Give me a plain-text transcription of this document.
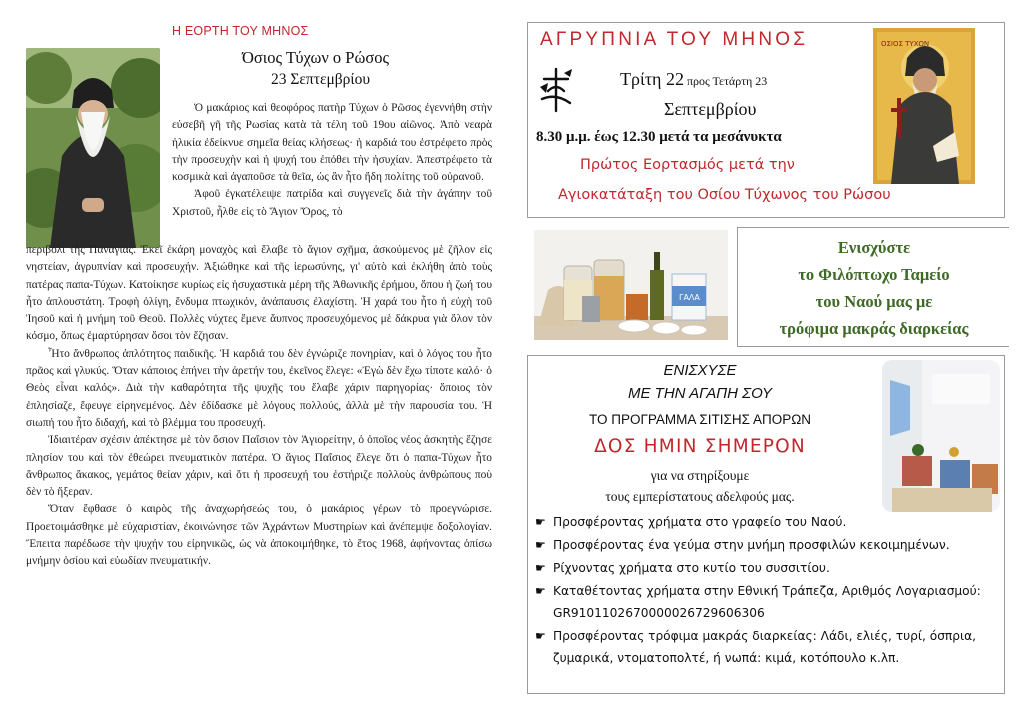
Η ΕΟΡΤΗ ΤΟΥ ΜΗΝΟΣ
Όσιος Τύχων ο Ρώσος
23 Σεπτεμβρίου

Ὁ μακάριος καὶ θεοφόρος πατὴρ Τύχων ὁ Ρῶσος ἐγεννήθη στὴν εὐσεβῆ γῆ τῆς Ρωσίας κατὰ τὰ τέλη τοῦ 19ου αἰῶνος. Ἀπὸ νεαρὰ ἡλικία ἐδείκνυε σημεῖα θείας κλήσεως· ἡ καρδιά του ἐστρέφετο πρὸς τὴν προσευχὴν καὶ ἡ ψυχή του ἐπόθει τὴν ἡσυχίαν. Ἀπεστρέφετο τὰ κοσμικὰ καὶ ἀγαποῦσε τὰ θεῖα, ὡς ἂν ἦτο ἤδη πολίτης τοῦ οὐρανοῦ.

Ἀφοῦ ἐγκατέλειψε πατρίδα καὶ συγγενεῖς διὰ τὴν ἀγάπην τοῦ Χριστοῦ, ἦλθε εἰς τὸ Ἅγιον Ὄρος, τὸ

περιβόλι τῆς Παναγίας. Ἐκεῖ ἐκάρη μοναχὸς καὶ ἔλαβε τὸ ἅγιον σχῆμα, ἀσκούμενος μὲ ζῆλον εἰς νηστείαν, ἀγρυπνίαν καὶ προσευχήν. Ἀξιώθηκε καὶ τῆς ἱερωσύνης, γι' αὐτὸ καὶ ἐκλήθη ἀπὸ τοὺς πατέρας παπα-Τύχων. Κατοίκησε κυρίως εἰς ἡσυχαστικὰ μέρη τῆς Ἀθωνικῆς ἐρήμου, ὅπου ἡ ζωή του ἦτο ἁπλουστάτη. Τροφὴ ὀλίγη, ἔνδυμα πτωχικόν, ἀνάπαυσις ἐλαχίστη. Ἡ χαρά του ἦτο ἡ εὐχὴ τοῦ Ἰησοῦ καὶ ἡ μνήμη τοῦ Θεοῦ. Πολλὲς νύχτες ἔμενε ἄυπνος προσευχόμενος μὲ δάκρυα γιὰ ὅλον τὸν κόσμο, ὅπως ἐμαρτύρησαν ὅσοι τὸν ἔζησαν.

Ἦτο ἄνθρωπος ἁπλότητος παιδικῆς. Ἡ καρδιά του δὲν ἐγνώριζε πονηρίαν, καὶ ὁ λόγος του ἦτο πρᾶος καὶ γλυκύς. Ὅταν κάποιος ἐπήνει τὴν ἀρετήν του, ἐκεῖνος ἔλεγε: «Ἐγὼ δὲν ἔχω τίποτε καλό· ὁ Θεὸς εἶναι καλός». Διὰ τὴν καθαρότητα τῆς ψυχῆς του ἔλαβε χάριν παρηγορίας· ὅποιος τὸν ἐπλησίαζε, ἔφευγε εἰρηνεμένος. Δὲν ἐδίδασκε μὲ λόγους πολλούς, ἀλλὰ μὲ τὴν παρουσία του. Ἡ σιωπή του ἦτο διδαχή, καὶ τὸ βλέμμα του προσευχή.

Ἰδιαιτέραν σχέσιν ἀπέκτησε μὲ τὸν ὅσιον Παΐσιον τὸν Ἁγιορείτην, ὁ ὁποῖος νέος ἀσκητὴς ἔζησε πλησίον του καὶ τὸν ἐθεώρει πνευματικὸν πατέρα. Ὁ ἅγιος Παΐσιος ἔλεγε ὅτι ὁ παπα-Τύχων ἦτο ἄνθρωπος ἄκακος, γεμάτος θείαν χάριν, καὶ ὅτι ἡ προσευχή του ἐστήριζε πολλοὺς ἀνθρώπους ποὺ δὲν τὸ ἤξεραν.

Ὅταν ἔφθασε ὁ καιρὸς τῆς ἀναχωρήσεώς του, ὁ μακάριος γέρων τὸ προεγνώρισε. Προετοιμάσθηκε μὲ εὐχαριστίαν, ἐκοινώνησε τῶν Ἀχράντων Μυστηρίων καὶ ἀνέπεμψε δοξολογίαν. Ἔπειτα παρέδωσε τὴν ψυχήν του εἰρηνικῶς, ὡς νὰ ἀποκοιμήθηκε, τὸ ἔτος 1968, ἀφήνοντας ὀπίσω μνήμην ὁσίου καὶ εὐωδίαν πνευματικήν.

ΑΓΡΥΠΝΙΑ ΤΟΥ ΜΗΝΟΣ
Τρίτη 22 προς Τετάρτη 23
Σεπτεμβρίου
8.30 μ.μ. έως 12.30 μετά τα μεσάνυκτα
Πρώτος Εορτασμός μετά την
Αγιοκατάταξη του Οσίου Τύχωνος του Ρώσου
ΟΣΙΟΣ ΤΥΧΩΝ
ΓΑΛΑ
Ενισχύστε
το Φιλόπτωχο Ταμείο
του Ναού μας με
τρόφιμα μακράς διαρκείας
ΕΝΙΣΧΥΣΕ
ΜΕ ΤΗΝ ΑΓΑΠΗ ΣΟΥ
ΤΟ ΠΡΟΓΡΑΜΜΑ ΣΙΤΙΣΗΣ ΑΠΟΡΩΝ
ΔΟΣ ΗΜΙΝ ΣΗΜΕΡΟΝ
για να στηρίξουμε
τους εμπερίστατους αδελφούς μας.
☛ Προσφέροντας χρήματα στο γραφείο του Ναού.
☛ Προσφέροντας ένα γεύμα στην μνήμη προσφιλών κεκοιμημένων.
☛ Ρίχνοντας χρήματα στο κυτίο του συσσιτίου.
☛ Καταθέτοντας χρήματα στην Εθνική Τράπεζα, Αριθμός Λογαριασμού: GR9101102670000026729606306
☛ Προσφέροντας τρόφιμα μακράς διαρκείας: Λάδι, ελιές, τυρί, όσπρια, ζυμαρικά, ντοματοπολτέ, ή νωπά: κιμά, κοτόπουλο κ.λπ.
